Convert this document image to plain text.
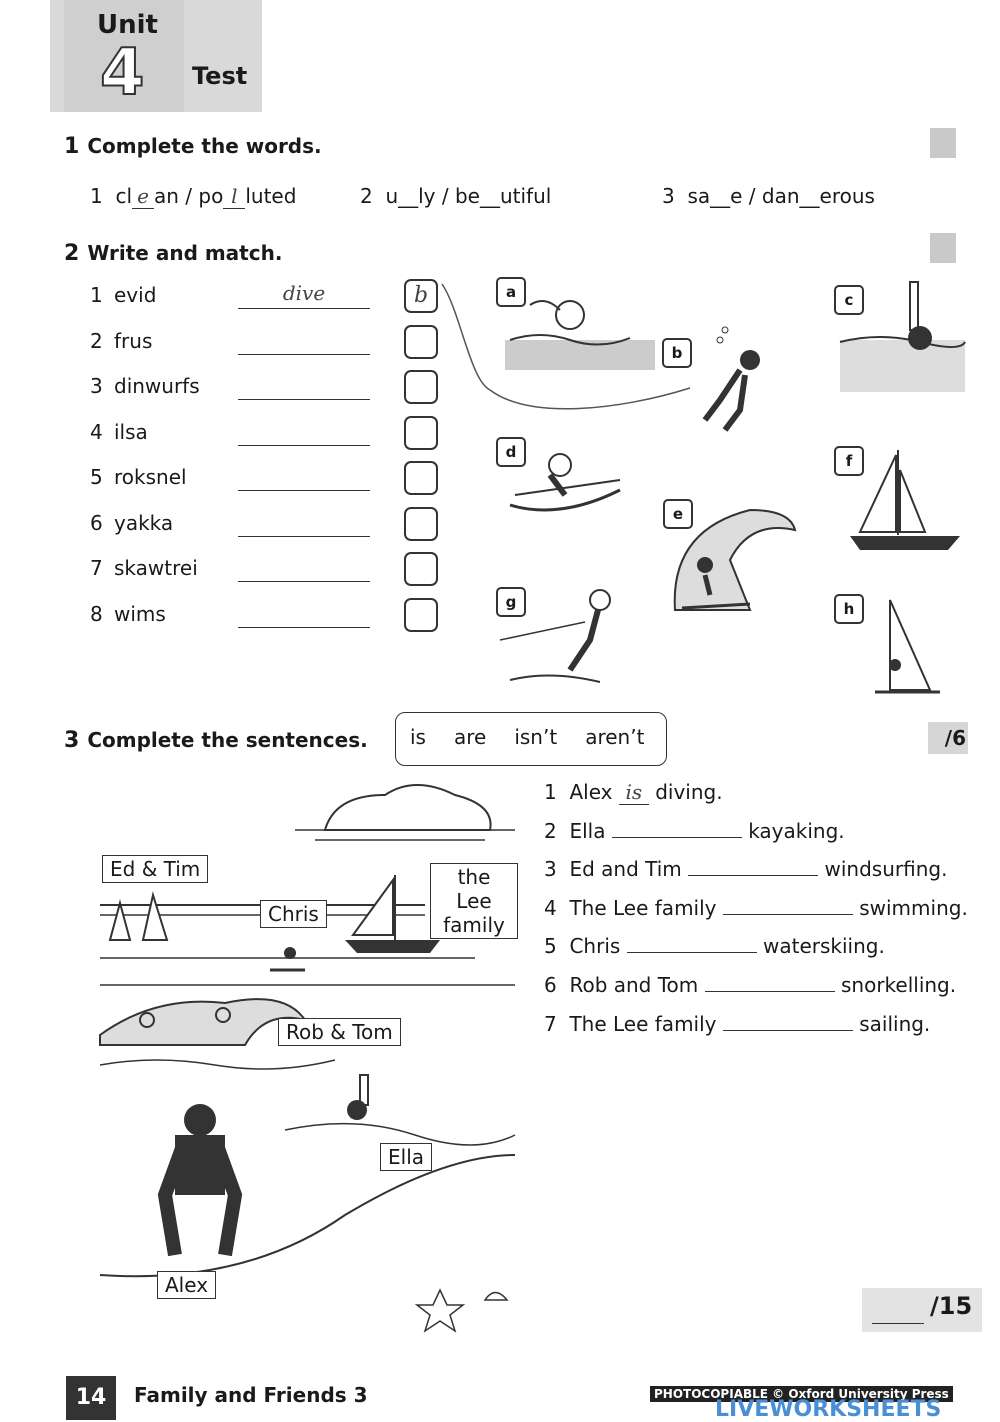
Unit
4 Test
1 Complete the words.
1 cl e an / po l luted	2 u__ly / be__utiful	3 sa__e / dan__erous
2 Write and match.
1 evid	dive	b
2 frus
3 dinwurfs
4 ilsa
5 roksnel
6 yakka
7 skawtrei
8 wims
a
b
c
d
e
f
g	h
3 Complete the sentences.	is are isn’t aren’t	/6
Ed & Tim
Chris
the Lee family
Rob & Tom
Ella
Alex
1 Alex is diving.
2 Ella	kayaking.
3 Ed and Tim	windsurfing.
4 The Lee family	swimming.
5 Chris	waterskiing.
6 Rob and Tom	snorkelling.
7 The Lee family	sailing.
/15
14	Family and Friends 3	PHOTOCOPIABLE © Oxford University Press
LIVEWORKSHEETS
